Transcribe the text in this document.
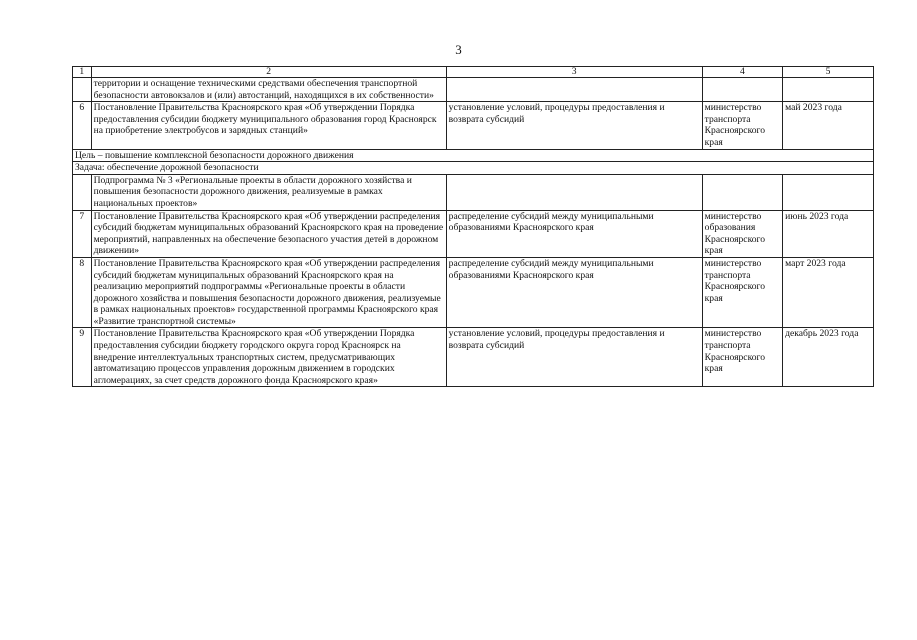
3
1	2	3	4	5
	территории и оснащение техническими средствами обеспечения транспортной безопасности автовокзалов и (или) автостанций, находящихся в их собственности»			
6	Постановление Правительства Красноярского края «Об утверждении Порядка предоставления субсидии бюджету муниципального образования город Красноярск на приобретение электробусов и зарядных станций»	установление условий, процедуры предоставления и возврата субсидий	министерство транспорта Красноярского края	май 2023 года
Цель – повышение комплексной безопасности дорожного движения				
Задача: обеспечение дорожной безопасности				
	Подпрограмма № 3 «Региональные проекты в области дорожного хозяйства и повышения безопасности дорожного движения, реализуемые в рамках национальных проектов»			
7	Постановление Правительства Красноярского края «Об утверждении распределения субсидий бюджетам муниципальных образований Красноярского края на проведение мероприятий, направленных на обеспечение безопасного участия детей в дорожном движении»	распределение субсидий между муниципальными образованиями Красноярского края	министерство образования Красноярского края	июнь 2023 года
8	Постановление Правительства Красноярского края «Об утверждении распределения субсидий бюджетам муниципальных образований Красноярского края на реализацию мероприятий подпрограммы «Региональные проекты в области дорожного хозяйства и повышения безопасности дорожного движения, реализуемые в рамках национальных проектов» государственной программы Красноярского края «Развитие транспортной системы»	распределение субсидий между муниципальными образованиями Красноярского края	министерство транспорта Красноярского края	март 2023 года
9	Постановление Правительства Красноярского края «Об утверждении Порядка предоставления субсидии бюджету городского округа город Красноярск на внедрение интеллектуальных транспортных систем, предусматривающих автоматизацию процессов управления дорожным движением в городских агломерациях, за счет средств дорожного фонда Красноярского края»	установление условий, процедуры предоставления и возврата субсидий	министерство транспорта Красноярского края	декабрь 2023 года
